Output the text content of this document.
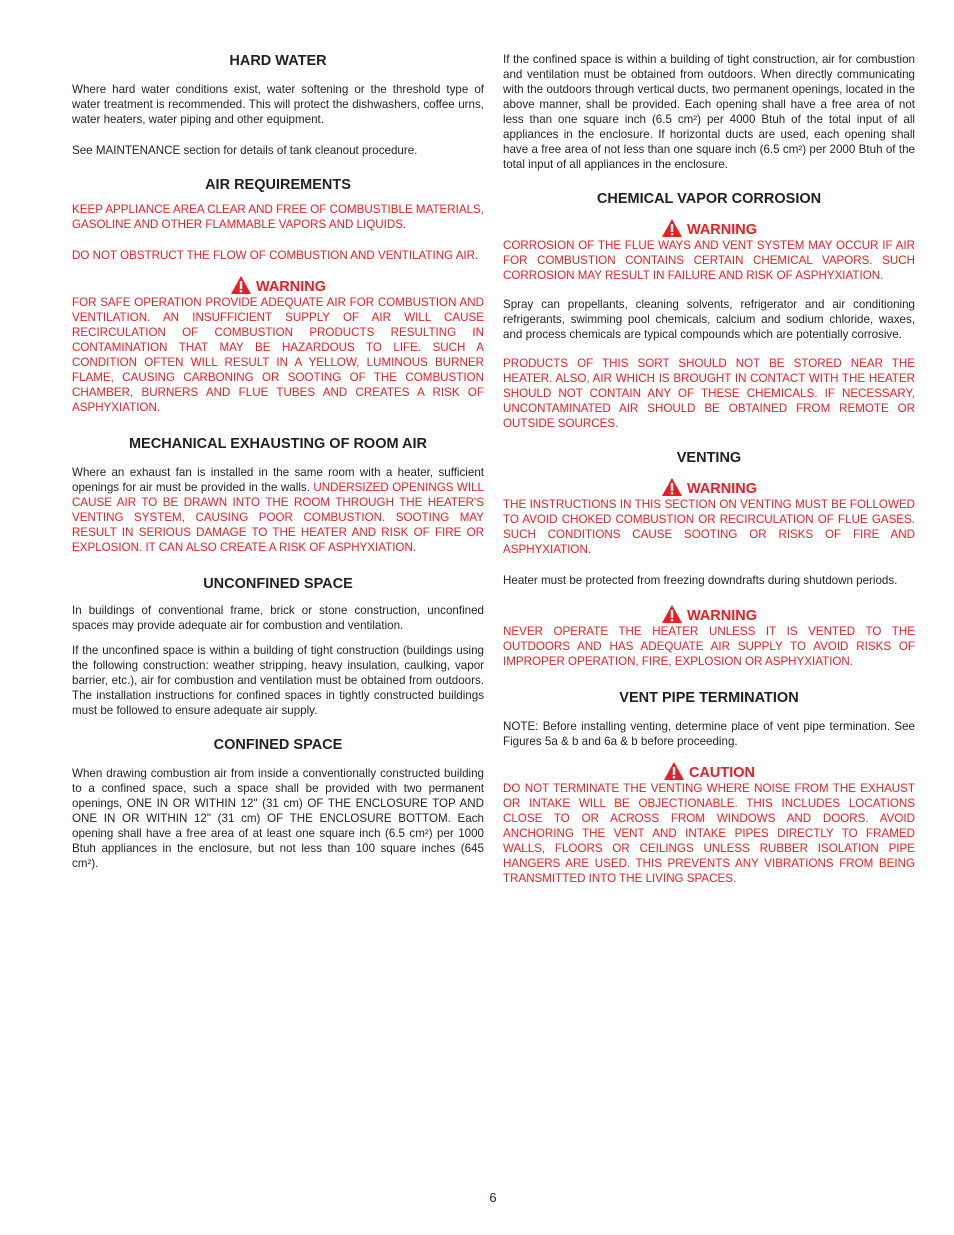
HARD WATER

Where hard water conditions exist, water softening or the threshold type of water treatment is recommended. This will protect the dishwashers, coffee urns, water heaters, water piping and other equipment.

See MAINTENANCE section for details of tank cleanout procedure.

AIR REQUIREMENTS

KEEP APPLIANCE AREA CLEAR AND FREE OF COMBUSTIBLE MATERIALS, GASOLINE AND OTHER FLAMMABLE VAPORS AND LIQUIDS.

DO NOT OBSTRUCT THE FLOW OF COMBUSTION AND VENTILATING AIR.

WARNING

FOR SAFE OPERATION PROVIDE ADEQUATE AIR FOR COMBUSTION AND VENTILATION. AN INSUFFICIENT SUPPLY OF AIR WILL CAUSE RECIRCULATION OF COMBUSTION PRODUCTS RESULTING IN CONTAMINATION THAT MAY BE HAZARDOUS TO LIFE. SUCH A CONDITION OFTEN WILL RESULT IN A YELLOW, LUMINOUS BURNER FLAME, CAUSING CARBONING OR SOOTING OF THE COMBUSTION CHAMBER, BURNERS AND FLUE TUBES AND CREATES A RISK OF ASPHYXIATION.

MECHANICAL EXHAUSTING OF ROOM AIR

Where an exhaust fan is installed in the same room with a heater, sufficient openings for air must be provided in the walls. UNDERSIZED OPENINGS WILL CAUSE AIR TO BE DRAWN INTO THE ROOM THROUGH THE HEATER'S VENTING SYSTEM, CAUSING POOR COMBUSTION. SOOTING MAY RESULT IN SERIOUS DAMAGE TO THE HEATER AND RISK OF FIRE OR EXPLOSION. IT CAN ALSO CREATE A RISK OF ASPHYXIATION.

UNCONFINED SPACE

In buildings of conventional frame, brick or stone construction, unconfined spaces may provide adequate air for combustion and ventilation.

If the unconfined space is within a building of tight construction (buildings using the following construction: weather stripping, heavy insulation, caulking, vapor barrier, etc.), air for combustion and ventilation must be obtained from outdoors. The installation instructions for confined spaces in tightly constructed buildings must be followed to ensure adequate air supply.

CONFINED SPACE

When drawing combustion air from inside a conventionally constructed building to a confined space, such a space shall be provided with two permanent openings, ONE IN OR WITHIN 12" (31 cm) OF THE ENCLOSURE TOP AND ONE IN OR WITHIN 12" (31 cm) OF THE ENCLOSURE BOTTOM. Each opening shall have a free area of at least one square inch (6.5 cm²) per 1000 Btuh appliances in the enclosure, but not less than 100 square inches (645 cm²).

If the confined space is within a building of tight construction, air for combustion and ventilation must be obtained from outdoors. When directly communicating with the outdoors through vertical ducts, two permanent openings, located in the above manner, shall be provided. Each opening shall have a free area of not less than one square inch (6.5 cm²) per 4000 Btuh of the total input of all appliances in the enclosure. If horizontal ducts are used, each opening shall have a free area of not less than one square inch (6.5 cm²) per 2000 Btuh of the total input of all appliances in the enclosure.

CHEMICAL VAPOR CORROSION
WARNING

CORROSION OF THE FLUE WAYS AND VENT SYSTEM MAY OCCUR IF AIR FOR COMBUSTION CONTAINS CERTAIN CHEMICAL VAPORS. SUCH CORROSION MAY RESULT IN FAILURE AND RISK OF ASPHYXIATION.

Spray can propellants, cleaning solvents, refrigerator and air conditioning refrigerants, swimming pool chemicals, calcium and sodium chloride, waxes, and process chemicals are typical compounds which are potentially corrosive.

PRODUCTS OF THIS SORT SHOULD NOT BE STORED NEAR THE HEATER. ALSO, AIR WHICH IS BROUGHT IN CONTACT WITH THE HEATER SHOULD NOT CONTAIN ANY OF THESE CHEMICALS. IF NECESSARY, UNCONTAMINATED AIR SHOULD BE OBTAINED FROM REMOTE OR OUTSIDE SOURCES.

VENTING
WARNING

THE INSTRUCTIONS IN THIS SECTION ON VENTING MUST BE FOLLOWED TO AVOID CHOKED COMBUSTION OR RECIRCULATION OF FLUE GASES. SUCH CONDITIONS CAUSE SOOTING OR RISKS OF FIRE AND ASPHYXIATION.

Heater must be protected from freezing downdrafts during shutdown periods.

WARNING

NEVER OPERATE THE HEATER UNLESS IT IS VENTED TO THE OUTDOORS AND HAS ADEQUATE AIR SUPPLY TO AVOID RISKS OF IMPROPER OPERATION, FIRE, EXPLOSION OR ASPHYXIATION.

VENT PIPE TERMINATION

NOTE: Before installing venting, determine place of vent pipe termination. See Figures 5a & b and 6a & b before proceeding.

CAUTION

DO NOT TERMINATE THE VENTING WHERE NOISE FROM THE EXHAUST OR INTAKE WILL BE OBJECTIONABLE. THIS INCLUDES LOCATIONS CLOSE TO OR ACROSS FROM WINDOWS AND DOORS. AVOID ANCHORING THE VENT AND INTAKE PIPES DIRECTLY TO FRAMED WALLS, FLOORS OR CEILINGS UNLESS RUBBER ISOLATION PIPE HANGERS ARE USED. THIS PREVENTS ANY VIBRATIONS FROM BEING TRANSMITTED INTO THE LIVING SPACES.

6
